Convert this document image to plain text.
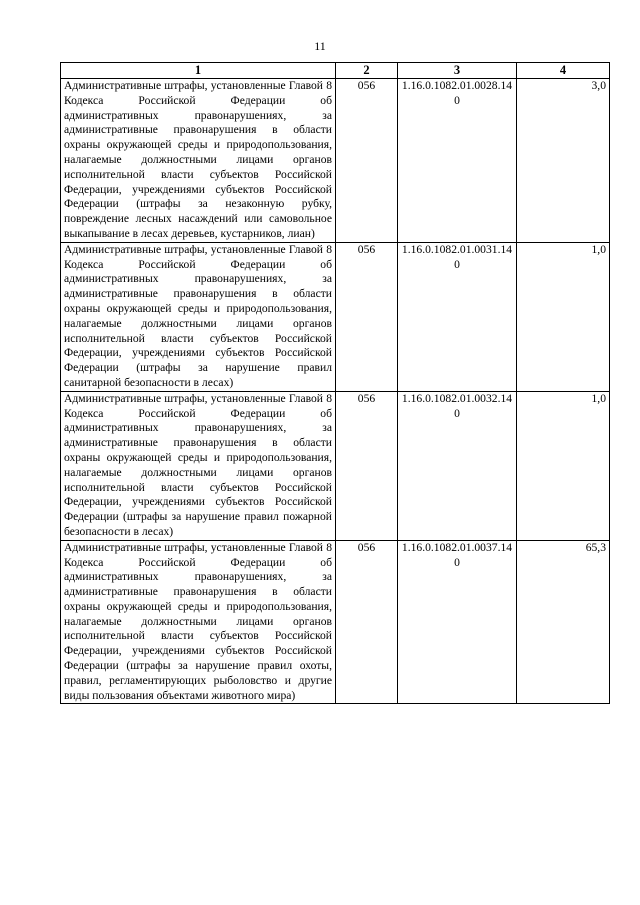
11
1	2	3	4
Административные штрафы, установленные Главой 8 Кодекса Российской Федерации об административных правонарушениях, за административные правонарушения в области охраны окружающей среды и природопользования, налагаемые должностными лицами органов исполнительной власти субъектов Российской Федерации, учреждениями субъектов Российской Федерации (штрафы за незаконную рубку, повреждение лесных насаждений или самовольное выкапывание в лесах деревьев, кустарников, лиан)	056	1.16.0.1082.01.0028.140	3,0
Административные штрафы, установленные Главой 8 Кодекса Российской Федерации об административных правонарушениях, за административные правонарушения в области охраны окружающей среды и природопользования, налагаемые должностными лицами органов исполнительной власти субъектов Российской Федерации, учреждениями субъектов Российской Федерации (штрафы за нарушение правил санитарной безопасности в лесах)	056	1.16.0.1082.01.0031.140	1,0
Административные штрафы, установленные Главой 8 Кодекса Российской Федерации об административных правонарушениях, за административные правонарушения в области охраны окружающей среды и природопользования, налагаемые должностными лицами органов исполнительной власти субъектов Российской Федерации, учреждениями субъектов Российской Федерации (штрафы за нарушение правил пожарной безопасности в лесах)	056	1.16.0.1082.01.0032.140	1,0
Административные штрафы, установленные Главой 8 Кодекса Российской Федерации об административных правонарушениях, за административные правонарушения в области охраны окружающей среды и природопользования, налагаемые должностными лицами органов исполнительной власти субъектов Российской Федерации, учреждениями субъектов Российской Федерации (штрафы за нарушение правил охоты, правил, регламентирующих рыболовство и другие виды пользования объектами животного мира)	056	1.16.0.1082.01.0037.140	65,3
